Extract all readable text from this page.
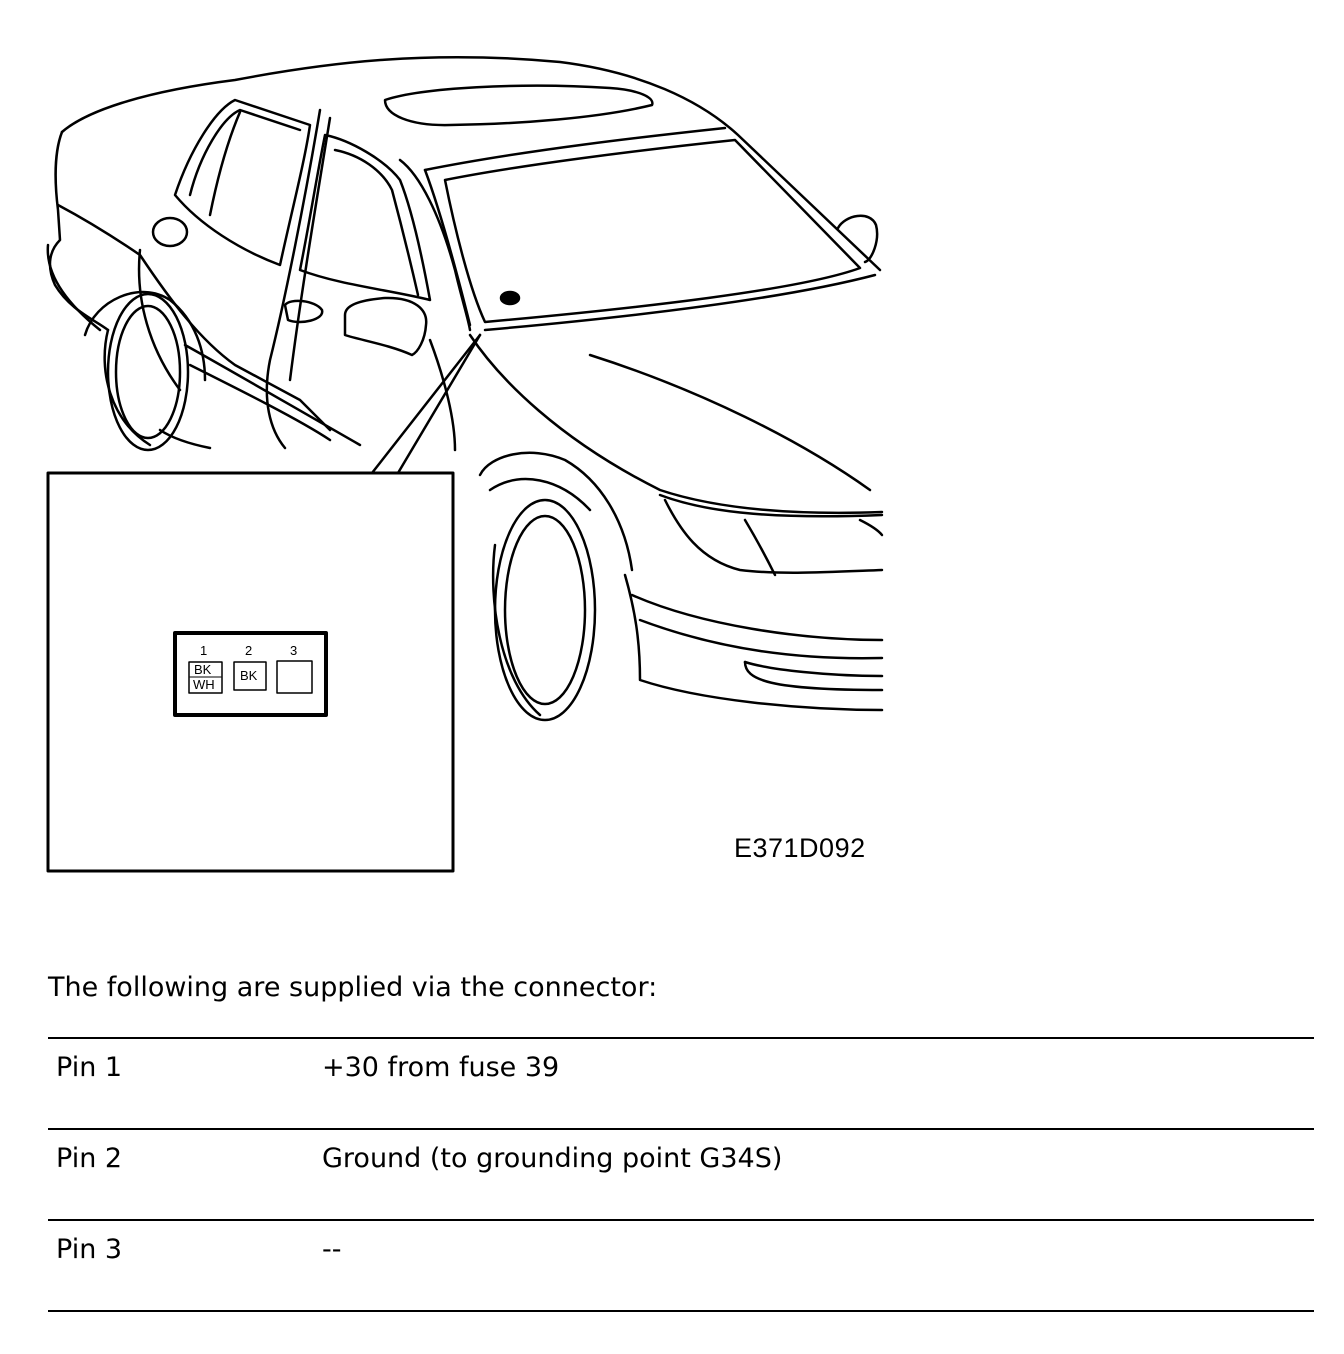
1	2	3
BK
WH
BK
E371D092
The following are supplied via the connector:
Pin 1	+30 from fuse 39
Pin 2	Ground (to grounding point G34S)
Pin 3	--
